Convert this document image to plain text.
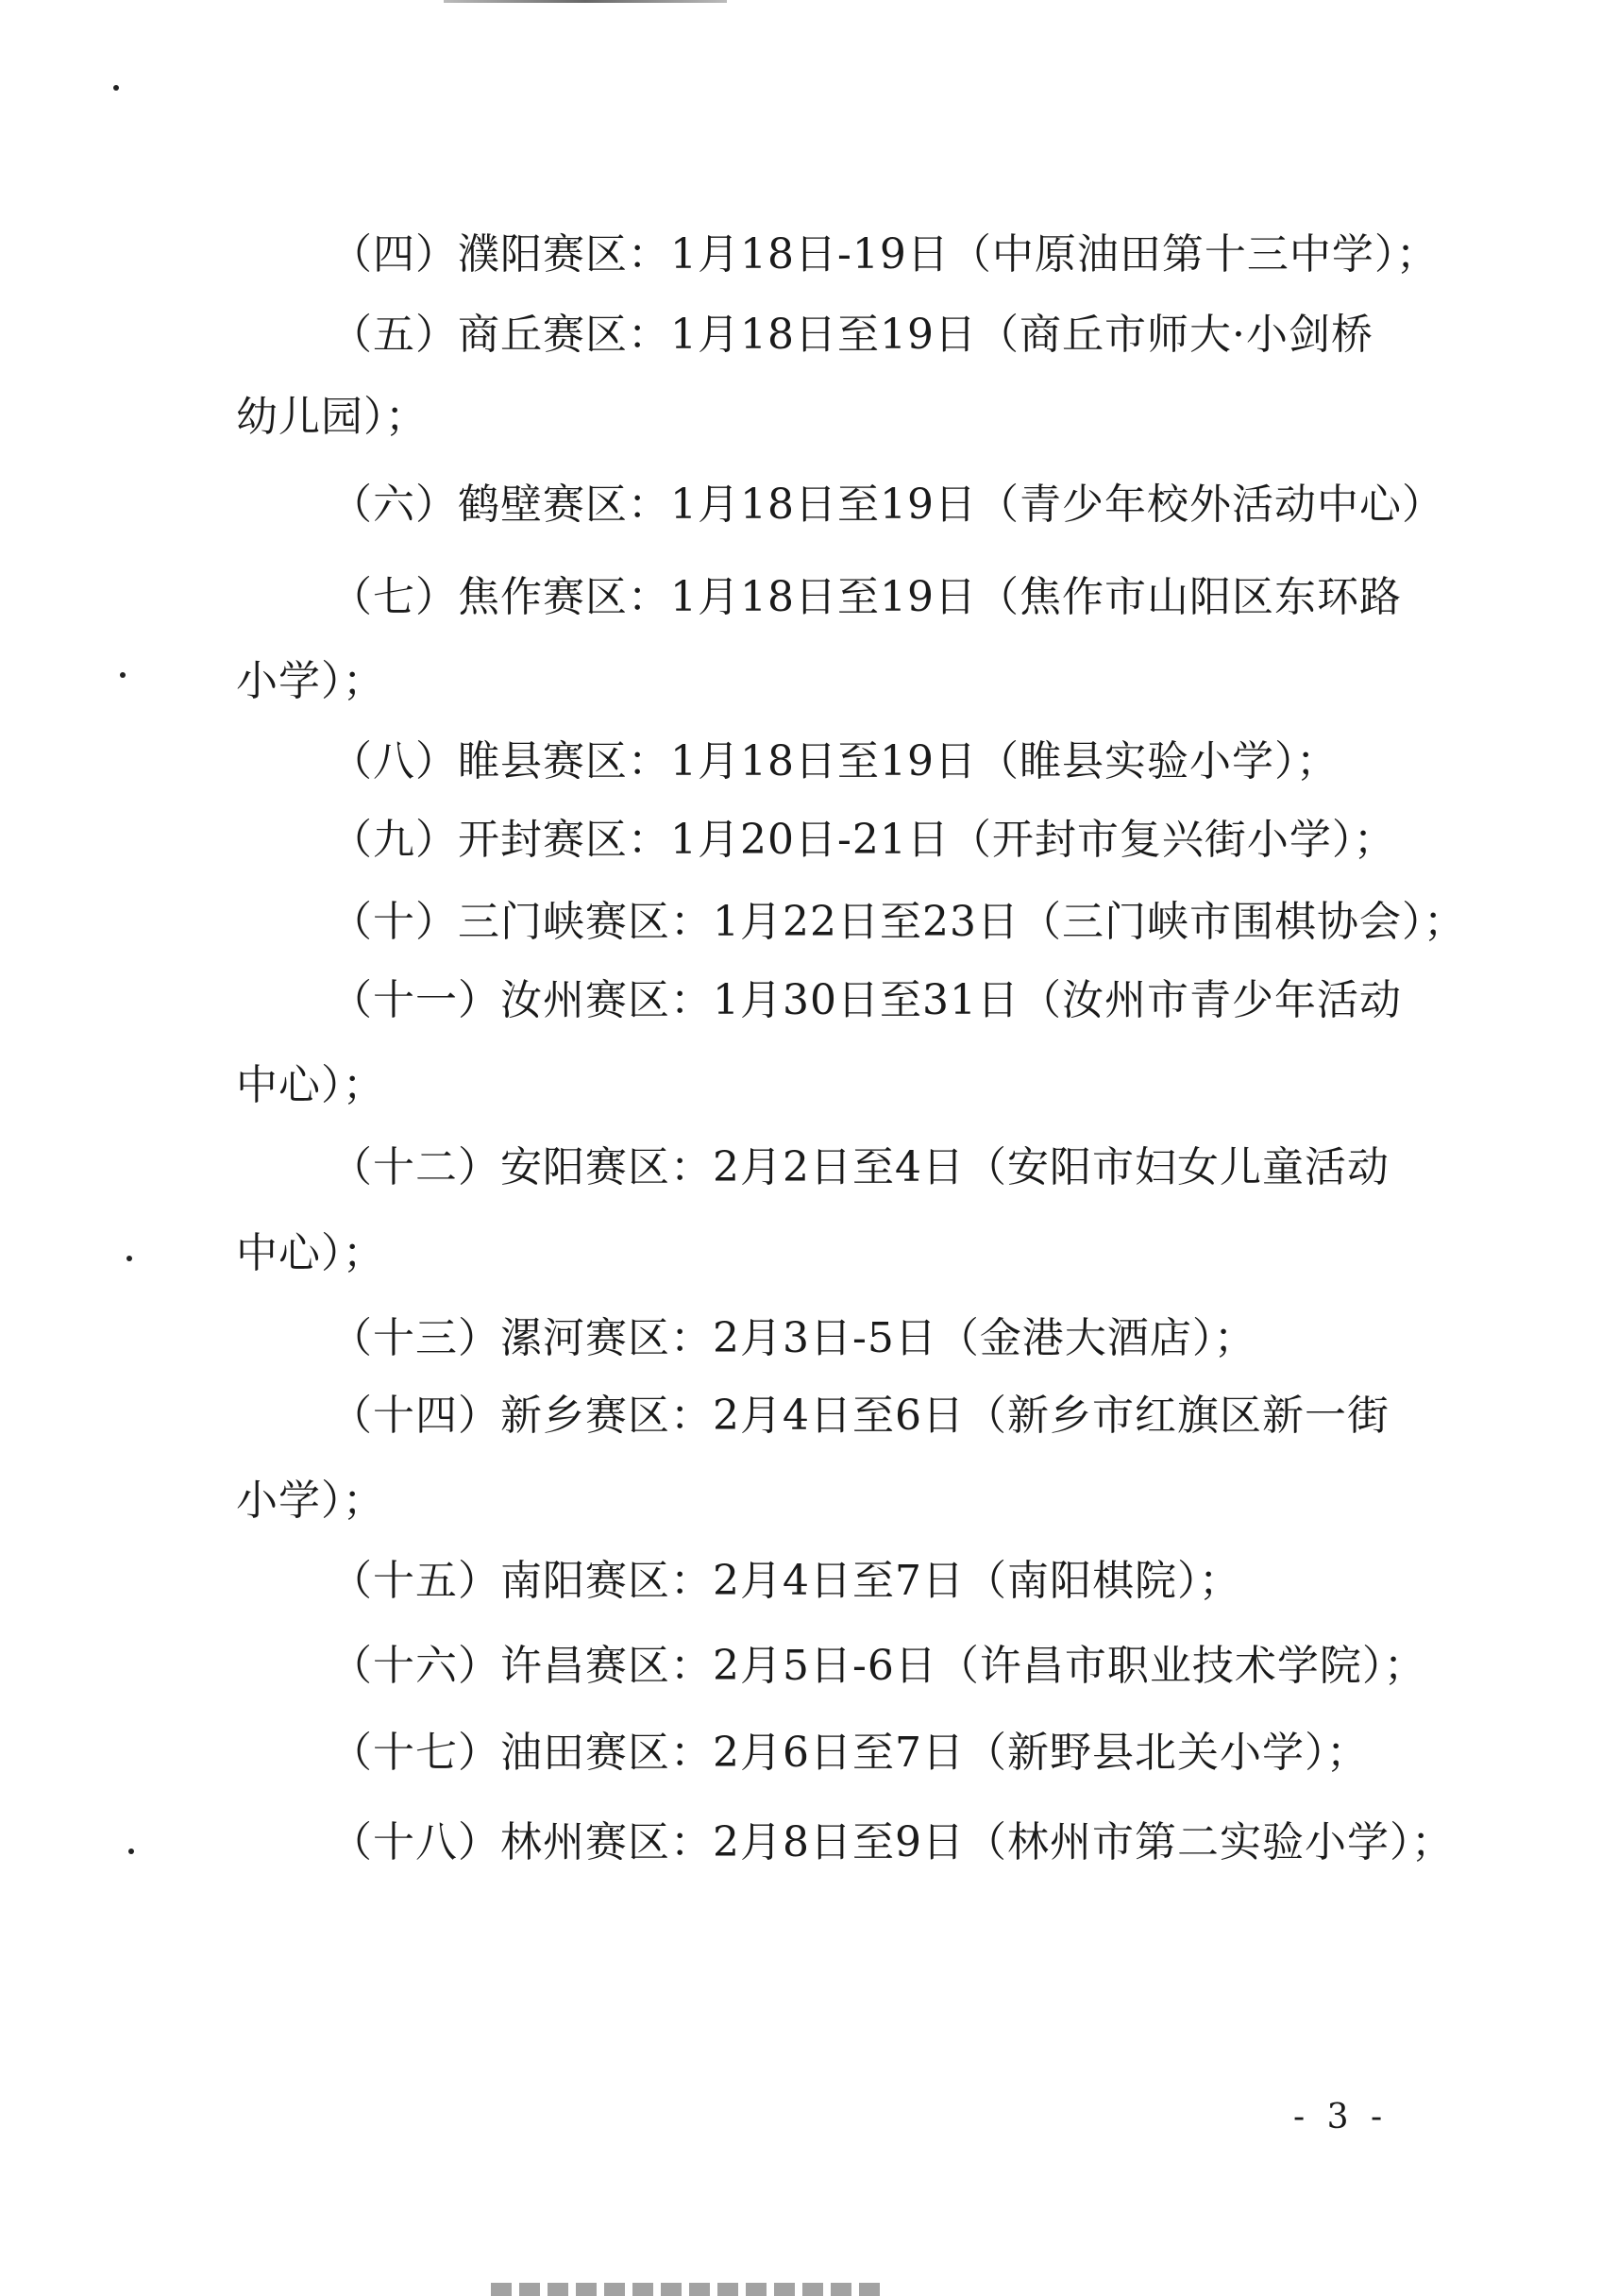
（四）濮阳赛区：1月18日-19日（中原油田第十三中学）；
（五）商丘赛区：1月18日至19日（商丘市师大·小剑桥
幼儿园）；
（六）鹤壁赛区：1月18日至19日（青少年校外活动中心）
（七）焦作赛区：1月18日至19日（焦作市山阳区东环路
小学）；
（八）睢县赛区：1月18日至19日（睢县实验小学）；
（九）开封赛区：1月20日-21日（开封市复兴街小学）；
（十）三门峡赛区：1月22日至23日（三门峡市围棋协会）；
（十一）汝州赛区：1月30日至31日（汝州市青少年活动
中心）；
（十二）安阳赛区：2月2日至4日（安阳市妇女儿童活动
中心）；
（十三）漯河赛区：2月3日-5日（金港大酒店）；
（十四）新乡赛区：2月4日至6日（新乡市红旗区新一街
小学）；
（十五）南阳赛区：2月4日至7日（南阳棋院）；
（十六）许昌赛区：2月5日-6日（许昌市职业技术学院）；
（十七）油田赛区：2月6日至7日（新野县北关小学）；
（十八）林州赛区：2月8日至9日（林州市第二实验小学）；
- 3 -
